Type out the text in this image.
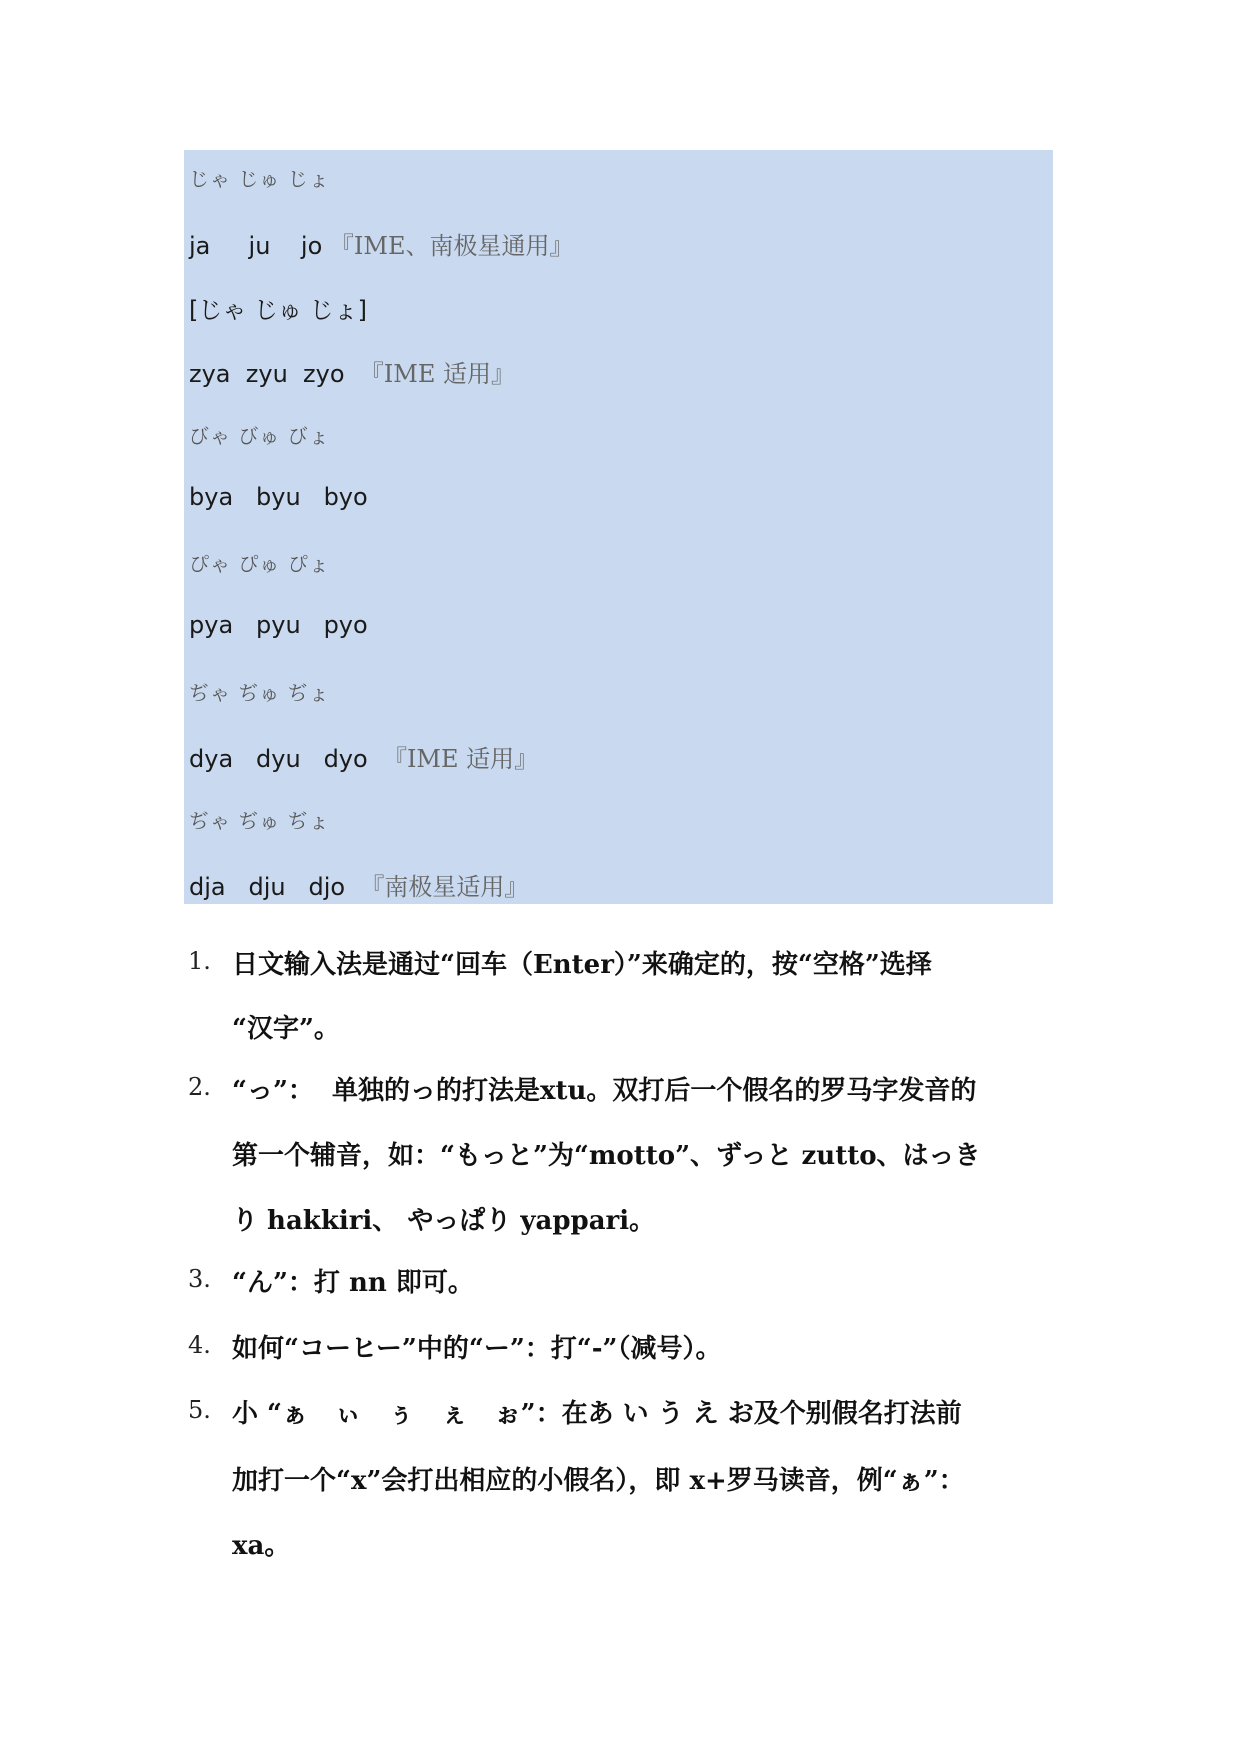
じゃ じゅ じょ
ja     ju    jo 『IME、南极星通用』
[じゃ じゅ じょ]
zya  zyu  zyo  『IME 适用』
びゃ びゅ びょ
bya   byu   byo
ぴゃ ぴゅ ぴょ
pya   pyu   pyo
ぢゃ ぢゅ ぢょ
dya   dyu   dyo  『IME 适用』
ぢゃ ぢゅ ぢょ
dja   dju   djo  『南极星适用』
1. 日文输入法是通过“回车（Enter）”来确定的，按“空格”选择
“汉字”。
2. “っ”：  单独的っ的打法是xtu。双打后一个假名的罗马字发音的
第一个辅音，如：“もっと”为“motto”、ずっと zutto、はっき
り hakkiri、 やっぱり yappari。
3. “ん”：打 nn 即可。
4. 如何“コーヒー”中的“ー”：打“-”（减号）。
5. 小 “ぁ   ぃ   ぅ   ぇ   ぉ”：在あ い う え お及个别假名打法前
加打一个“x”会打出相应的小假名），即 x+罗马读音，例“ぁ”：
xa。
